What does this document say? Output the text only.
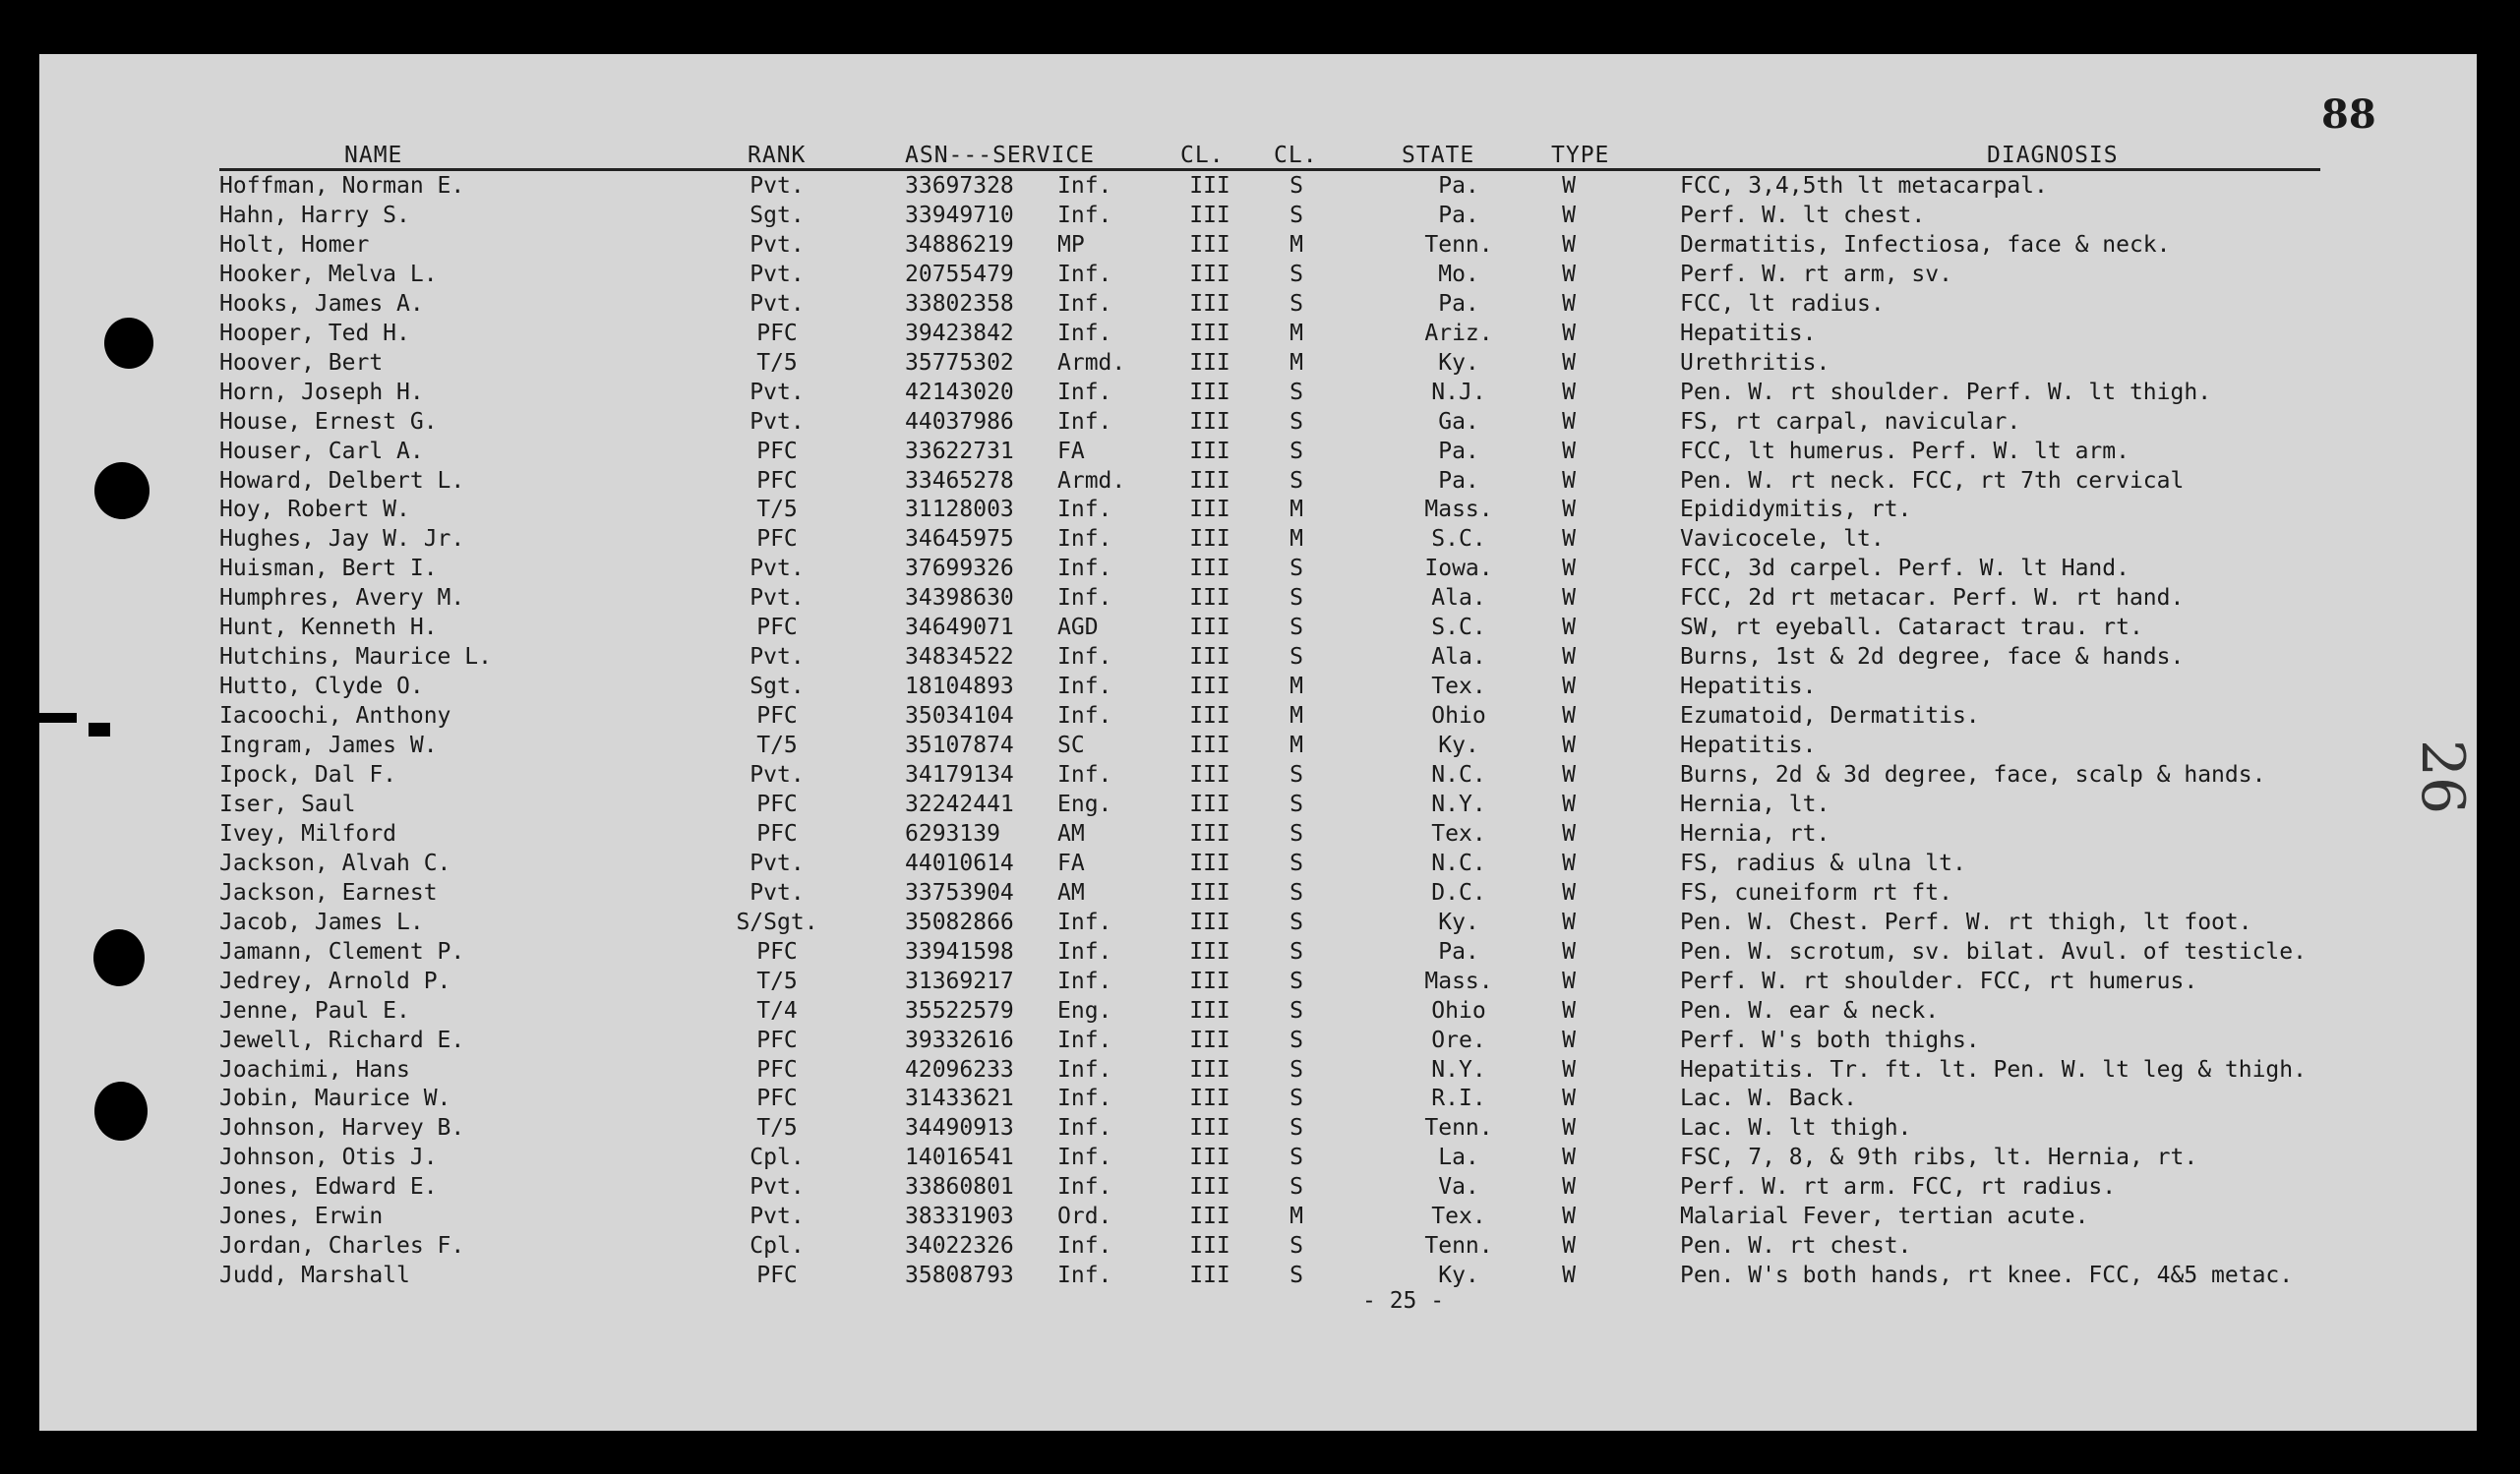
88
NAME	RANK	ASN---SERVICE	CL. CL.	STATE	TYPE	DIAGNOSIS
Hoffman, Norman E.	Pvt.	33697328 Inf.	III	S	Pa.	W	FCC, 3,4,5th lt metacarpal.
Hahn, Harry S.	Sgt.	33949710 Inf.	III	S	Pa.	W	Perf. W. lt chest.
Holt, Homer	Pvt.	34886219 MP	III	M	Tenn.	W	Dermatitis, Infectiosa, face & neck.
Hooker, Melva L.	Pvt.	20755479 Inf.	III	S	Mo.	W	Perf. W. rt arm, sv.
Hooks, James A.	Pvt.	33802358 Inf.	III	S	Pa.	W	FCC, lt radius.
Hooper, Ted H.	PFC	39423842 Inf.	III	M	Ariz.	W	Hepatitis.
Hoover, Bert	T/5	35775302 Armd.	III	M	Ky.	W	Urethritis.
Horn, Joseph H.	Pvt.	42143020 Inf.	III	S	N.J.	W	Pen. W. rt shoulder. Perf. W. lt thigh.
House, Ernest G.	Pvt.	44037986 Inf.	III	S	Ga.	W	FS, rt carpal, navicular.
Houser, Carl A.	PFC	33622731 FA	III	S	Pa.	W	FCC, lt humerus. Perf. W. lt arm.
Howard, Delbert L.	PFC	33465278 Armd.	III	S	Pa.	W	Pen. W. rt neck. FCC, rt 7th cervical
Hoy, Robert W.	T/5	31128003 Inf.	III	M	Mass.	W	Epididymitis, rt.
Hughes, Jay W. Jr.	PFC	34645975 Inf.	III	M	S.C.	W	Vavicocele, lt.
Huisman, Bert I.	Pvt.	37699326 Inf.	III	S	Iowa.	W	FCC, 3d carpel. Perf. W. lt Hand.
Humphres, Avery M.	Pvt.	34398630 Inf.	III	S	Ala.	W	FCC, 2d rt metacar. Perf. W. rt hand.
Hunt, Kenneth H.	PFC	34649071 AGD	III	S	S.C.	W	SW, rt eyeball. Cataract trau. rt.
Hutchins, Maurice L.	Pvt.	34834522 Inf.	III	S	Ala.	W	Burns, 1st & 2d degree, face & hands.
Hutto, Clyde O.	Sgt.	18104893 Inf.	III	M	Tex.	W	Hepatitis.
Iacoochi, Anthony	PFC	35034104 Inf.	III	M	Ohio	W	Ezumatoid, Dermatitis.
Ingram, James W.	T/5	35107874 SC	III	M	Ky.	W	Hepatitis.
Ipock, Dal F.	Pvt.	34179134 Inf.	III	S	N.C.	W	Burns, 2d & 3d degree, face, scalp & hands.
Iser, Saul	PFC	32242441 Eng.	III	S	N.Y.	W	Hernia, lt.
Ivey, Milford	PFC	6293139	AM	III	S	Tex.	W	Hernia, rt.
Jackson, Alvah C.	Pvt.	44010614 FA	III	S	N.C.	W	FS, radius & ulna lt.
Jackson, Earnest	Pvt.	33753904 AM	III	S	D.C.	W	FS, cuneiform rt ft.
Jacob, James L.	S/Sgt.	35082866 Inf.	III	S	Ky.	W	Pen. W. Chest. Perf. W. rt thigh, lt foot.
Jamann, Clement P.	PFC	33941598 Inf.	III	S	Pa.	W	Pen. W. scrotum, sv. bilat. Avul. of testicle.
Jedrey, Arnold P.	T/5	31369217 Inf.	III	S	Mass.	W	Perf. W. rt shoulder. FCC, rt humerus.
Jenne, Paul E.	T/4	35522579 Eng.	III	S	Ohio	W	Pen. W. ear & neck.
Jewell, Richard E.	PFC	39332616 Inf.	III	S	Ore.	W	Perf. W's both thighs.
Joachimi, Hans	PFC	42096233 Inf.	III	S	N.Y.	W	Hepatitis. Tr. ft. lt. Pen. W. lt leg & thigh.
Jobin, Maurice W.	PFC	31433621 Inf.	III	S	R.I.	W	Lac. W. Back.
Johnson, Harvey B.	T/5	34490913 Inf.	III	S	Tenn.	W	Lac. W. lt thigh.
Johnson, Otis J.	Cpl.	14016541 Inf.	III	S	La.	W	FSC, 7, 8, & 9th ribs, lt. Hernia, rt.
Jones, Edward E.	Pvt.	33860801 Inf.	III	S	Va.	W	Perf. W. rt arm. FCC, rt radius.
Jones, Erwin	Pvt.	38331903 Ord.	III	M	Tex.	W	Malarial Fever, tertian acute.
Jordan, Charles F.	Cpl.	34022326 Inf.	III	S	Tenn.	W	Pen. W. rt chest.
Judd, Marshall	PFC	35808793 Inf.	III	S	Ky.	W	Pen. W's both hands, rt knee. FCC, 4&5 metac.
- 25 -
26
